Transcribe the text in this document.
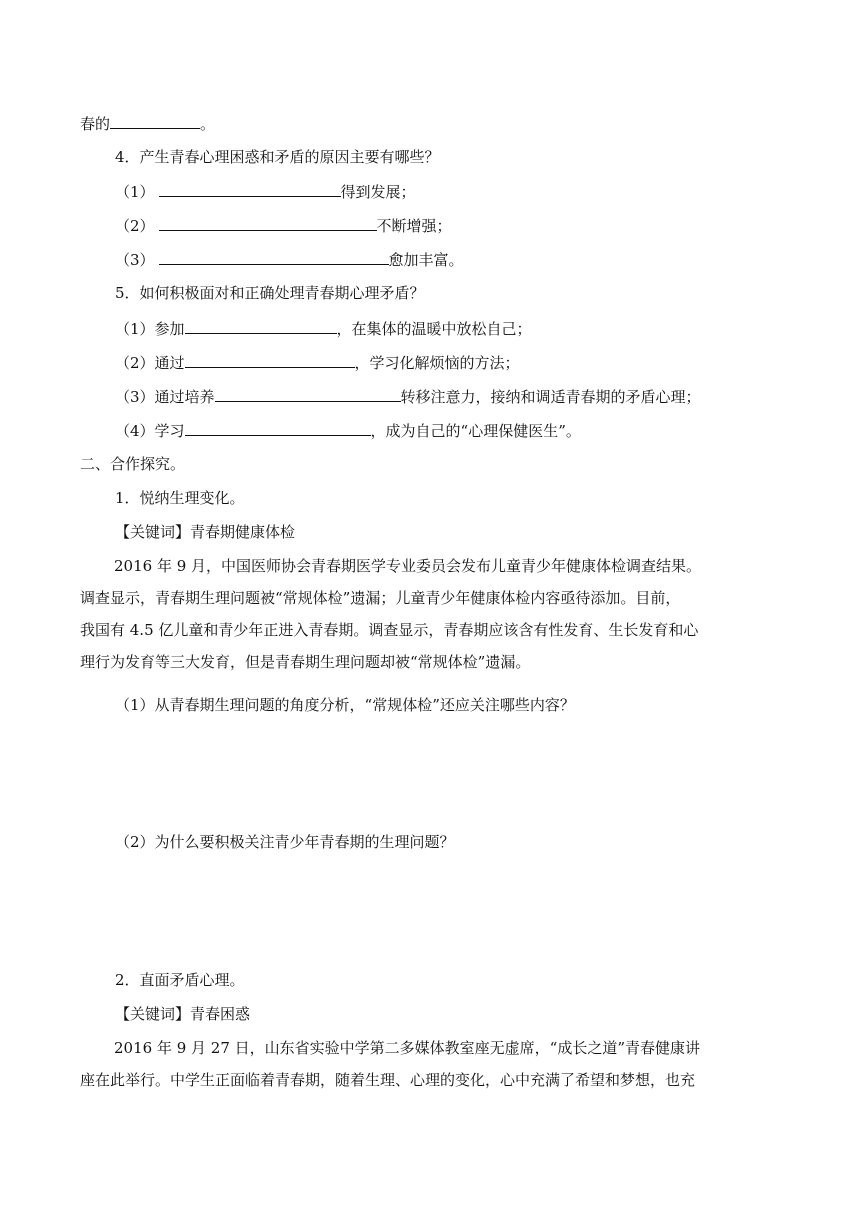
春的	。
4．产生青春心理困惑和矛盾的原因主要有哪些？
（1）	得到发展；
（2）	不断增强；
（3）	愈加丰富。
5．如何积极面对和正确处理青春期心理矛盾？
（1）参加	，在集体的温暖中放松自己；
（2）通过	，学习化解烦恼的方法；
（3）通过培养	转移注意力，接纳和调适青春期的矛盾心理；
（4）学习	，成为自己的“心理保健医生”。
二、合作探究。
1．悦纳生理变化。
【关键词】青春期健康体检
2016 年 9 月，中国医师协会青春期医学专业委员会发布儿童青少年健康体检调查结果。
调查显示，青春期生理问题被“常规体检”遗漏；儿童青少年健康体检内容亟待添加。目前，
我国有 4.5 亿儿童和青少年正进入青春期。调查显示，青春期应该含有性发育、生长发育和心
理行为发育等三大发育，但是青春期生理问题却被“常规体检”遗漏。
（1）从青春期生理问题的角度分析，“常规体检”还应关注哪些内容？
（2）为什么要积极关注青少年青春期的生理问题？
2．直面矛盾心理。
【关键词】青春困惑
2016 年 9 月 27 日，山东省实验中学第二多媒体教室座无虚席，“成长之道”青春健康讲
座在此举行。中学生正面临着青春期，随着生理、心理的变化，心中充满了希望和梦想，也充
